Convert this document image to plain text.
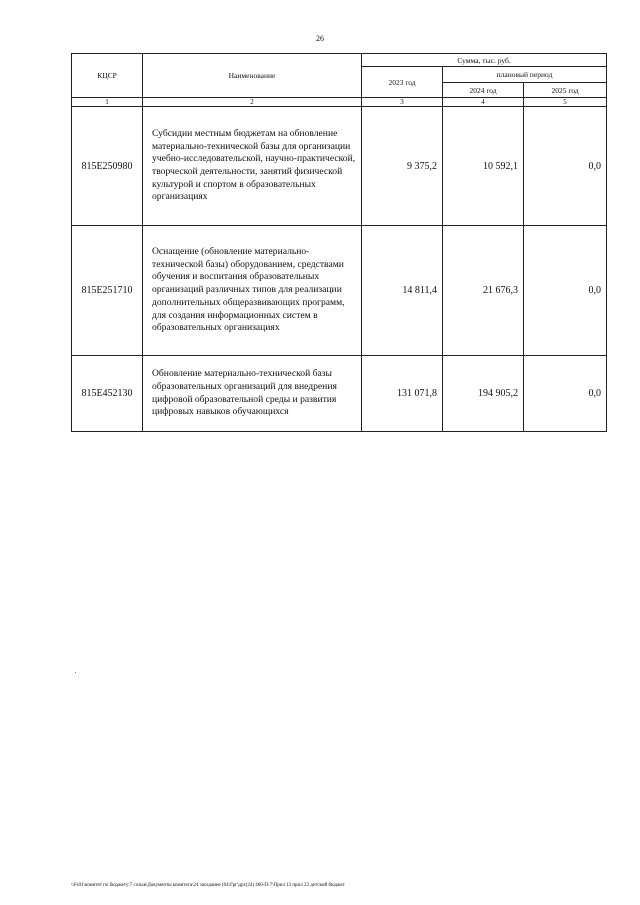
26
КЦСР	Наименование	Сумма, тыс. руб.		
		2023 год	плановый период	
			2024 год	2025 год
1	2	3	4	5
815E250980	Субсидии местным бюджетам на обновление материально-технической базы для организации учебно-исследовательской, научно-практической, творческой деятельности, занятий физической культурой и спортом в образовательных организациях	9 375,2	10 592,1	0,0
815E251710	Оснащение (обновление материально-технической базы) оборудованием, средствами обучения и воспитания образовательных организаций различных типов для реализации дополнительных общеразвивающих программ, для создания информационных систем в образовательных организациях	14 811,4	21 676,3	0,0
815E452130	Обновление материально-технической базы образовательных организаций для внедрения цифровой образовательной среды и развития цифровых навыков обучающихся	131 071,8	194 905,2	0,0
\\Fs01\комитет по бюджету\7 созыв\Документы комитета\24 заседание (04\Грг\дрг(24) 460-П-7\Прил 13 прил 23 детский бюджет
